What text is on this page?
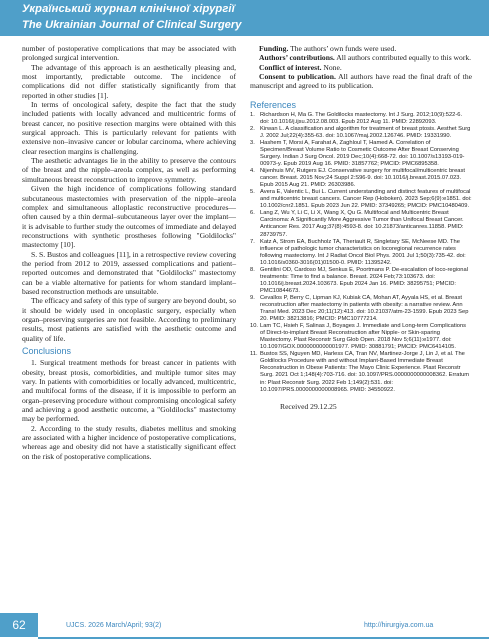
Український журнал клінічної хірургії
The Ukrainian Journal of Clinical Surgery

number of postoperative complications that may be associated with prolonged surgical intervention.

The advantage of this approach is an aesthetically pleasing and, most importantly, predictable outcome. The incidence of complications did not differ statistically significantly from that reported in other studies [1].

In terms of oncological safety, despite the fact that the study included patients with locally advanced and multicentric forms of breast cancer, no positive resection margins were obtained with this surgical approach. This is particularly relevant for patients with extensive non–invasive cancer or lobular carcinoma, where achieving clear resection margins is challenging.

The aesthetic advantages lie in the ability to preserve the contours of the breast and the nipple–areola complex, as well as performing simultaneous breast reconstruction to improve symmetry.

Given the high incidence of complications following standard subcutaneous mastectomies with preservation of the nipple–areola complex and simultaneous alloplastic reconstructive procedures—often caused by a thin dermal–subcutaneous layer over the implant— it is advisable to further study the outcomes of immediate and delayed reconstructions with synthetic prostheses following "Goldilocks" mastectomy [10].

S. S. Bustos and colleagues [11], in a retrospective review covering the period from 2012 to 2019, assessed complications and patient–reported outcomes and demonstrated that "Goldilocks" mastectomy can be a viable alternative for patients for whom standard implant–based reconstruction methods are unsuitable.

The efficacy and safety of this type of surgery are beyond doubt, so it should be widely used in oncoplastic surgery, especially when organ–preserving surgeries are not feasible. According to preliminary results, most patients are satisfied with the aesthetic outcome and quality of life.

Conclusions

1. Surgical treatment methods for breast cancer in patients with obesity, breast ptosis, comorbidities, and multiple tumor sites may vary. In patients with comorbidities or locally advanced, multicentric, and multifocal forms of the disease, if it is impossible to perform an organ–preserving procedure without compromising oncological safety and achieving a good aesthetic outcome, a "Goldilocks" mastectomy may be performed.

2. According to the study results, diabetes mellitus and smoking are associated with a higher incidence of postoperative complications, whereas age and obesity did not have a statistically significant effect on the risk of postoperative complications.

Funding. The authors’ own funds were used.

Authors’ contributions. All authors contributed equally to this work.

Conflict of interest. None.

Consent to publication. All authors have read the final draft of the manuscript and agreed to its publication.

References
1. Richardson H, Ma G. The Goldilocks mastectomy. Int J Surg. 2012;10(9):522-6. doi: 10.1016/j.ijsu.2012.08.003. Epub 2012 Aug 11. PMID: 22892093.
2. Kirwan L. A classification and algorithm for treatment of breast ptosis. Aesthet Surg J. 2002 Jul;22(4):355-63. doi: 10.1067/maj.2002.126746. PMID: 19331990.
3. Hashem T, Morsi A, Farahat A, Zaghloul T, Hamed A. Correlation of Specimen/Breast Volume Ratio to Cosmetic Outcome After Breast Conserving Surgery. Indian J Surg Oncol. 2019 Dec;10(4):668-72. doi: 10.1007/s13193-019-00973-y. Epub 2019 Aug 16. PMID: 31857762; PMCID: PMC6895358.
4. Nijenhuis MV, Rutgers EJ. Conservative surgery for multifocal/multicentric breast cancer. Breast. 2015 Nov;24 Suppl 2:S96-9. doi: 10.1016/j.breast.2015.07.023. Epub 2015 Aug 21. PMID: 26303986.
5. Avera E, Valentic L, Bui L. Current understanding and distinct features of multifocal and multicentric breast cancers. Cancer Rep (Hoboken). 2023 Sep;6(9):e1851. doi: 10.1002/cnr2.1851. Epub 2023 Jun 22. PMID: 37349265; PMCID: PMC10480409.
6. Lang Z, Wu Y, Li C, Li X, Wang X, Qu G. Multifocal and Multicentric Breast Carcinoma: A Significantly More Aggressive Tumor than Unifocal Breast Cancer. Anticancer Res. 2017 Aug;37(8):4593-8. doi: 10.21873/anticanres.11858. PMID: 28739757.
7. Katz A, Strom EA, Buchholz TA, Theriault R, Singletary SE, McNeese MD. The influence of pathologic tumor characteristics on locoregional recurrence rates following mastectomy. Int J Radiat Oncol Biol Phys. 2001 Jul 1;50(3):735-42. doi: 10.1016/s0360-3016(01)01500-0. PMID: 11395242.
8. Gentilini OD, Cardoso MJ, Senkus E, Poortmans P. De-escalation of loco-regional treatments: Time to find a balance. Breast. 2024 Feb;73:103673. doi: 10.1016/j.breast.2024.103673. Epub 2024 Jan 16. PMID: 38295751; PMCID: PMC10844673.
9. Cevallos P, Berry C, Lipman KJ, Kubiak CA, Mohan AT, Ayyala HS, et al. Breast reconstruction after mastectomy in patients with obesity: a narrative review. Ann Transl Med. 2023 Dec 20;11(12):413. doi: 10.21037/atm-23-1599. Epub 2023 Sep 20. PMID: 38213816; PMCID: PMC10777214.
10. Lam TC, Hsieh F, Salinas J, Boyages J. Immediate and Long-term Complications of Direct-to-implant Breast Reconstruction after Nipple- or Skin-sparing Mastectomy. Plast Reconstr Surg Glob Open. 2018 Nov 5;6(11):e1977. doi: 10.1097/GOX.0000000000001977. PMID: 30881791; PMCID: PMC6414105.
11. Bustos SS, Nguyen MD, Harless CA, Tran NV, Martinez-Jorge J, Lin J, et al. The Goldilocks Procedure with and without Implant-Based Immediate Breast Reconstruction in Obese Patients: The Mayo Clinic Experience. Plast Reconstr Surg. 2021 Oct 1;148(4):703-716. doi: 10.1097/PRS.0000000000008362. Erratum in: Plast Reconstr Surg. 2022 Feb 1;149(2):531. doi: 10.1097/PRS.0000000000008965. PMID: 34550922.
Received 29.12.25
62	UJCS. 2026 March/April; 93(2)	http://hirurgiya.com.ua
